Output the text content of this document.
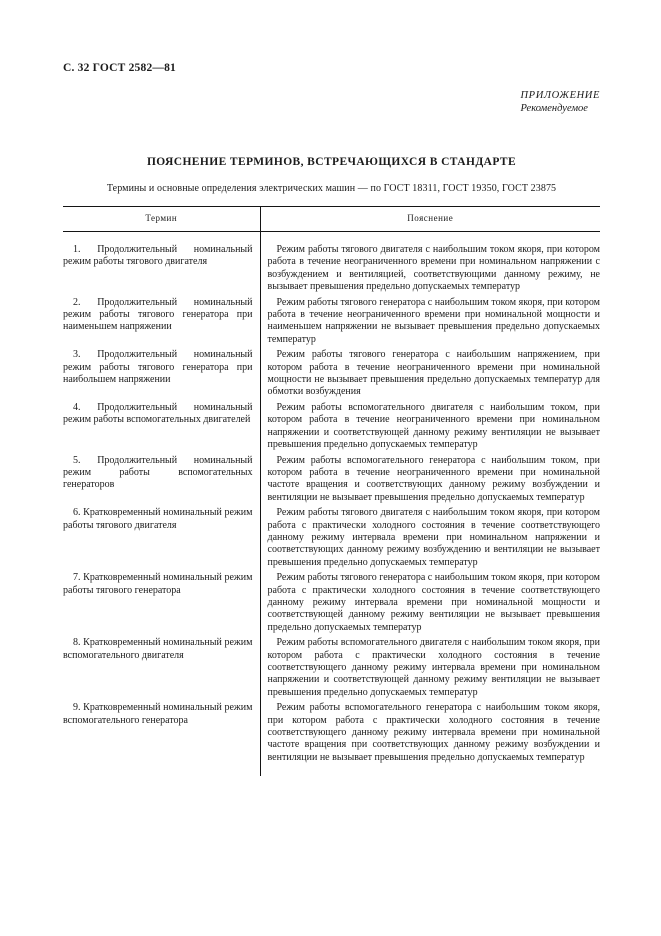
С. 32 ГОСТ 2582—81
ПРИЛОЖЕНИЕ
Рекомендуемое
ПОЯСНЕНИЕ ТЕРМИНОВ, ВСТРЕЧАЮЩИХСЯ В СТАНДАРТЕ
Термины и основные определения электрических машин — по ГОСТ 18311, ГОСТ 19350, ГОСТ 23875
Термин	Пояснение
1. Продолжительный номинальный режим работы тягового двигателя	Режим работы тягового двигателя с наибольшим током якоря, при котором работа в течение неограниченного времени при номинальном напряжении с возбуждением и вентиляцией, соответствующими данному режиму, не вызывает превышения предельно допускаемых температур
2. Продолжительный номинальный режим работы тягового генератора при наименьшем напряжении	Режим работы тягового генератора с наибольшим током якоря, при котором работа в течение неограниченного времени при номинальной мощности и наименьшем напряжении не вызывает превышения предельно допускаемых температур
3. Продолжительный номинальный режим работы тягового генератора при наибольшем напряжении	Режим работы тягового генератора с наибольшим напряжением, при котором работа в течение неограниченного времени при номинальной мощности не вызывает превышения предельно допускаемых температур для обмотки возбуждения
4. Продолжительный номинальный режим работы вспомогательных двигателей	Режим работы вспомогательного двигателя с наибольшим током, при котором работа в течение неограниченного времени при номинальном напряжении и соответствующей данному режиму вентиляции не вызывает превышения предельно допускаемых температур
5. Продолжительный номинальный режим работы вспомогательных генераторов	Режим работы вспомогательного генератора с наибольшим током, при котором работа в течение неограниченного времени при номинальной частоте вращения и соответствующих данному режиму возбуждении и вентиляции не вызывает превышения предельно допускаемых температур
6. Кратковременный номинальный режим работы тягового двигателя	Режим работы тягового двигателя с наибольшим током якоря, при котором работа с практически холодного состояния в течение соответствующего данному режиму интервала времени при номинальном напряжении и соответствующих данному режиму возбуждению и вентиляции не вызывает превышения предельно допускаемых температур
7. Кратковременный номинальный режим работы тягового генератора	Режим работы тягового генератора с наибольшим током якоря, при котором работа с практически холодного состояния в течение соответствующего данному режиму интервала времени при номинальной мощности и соответствующей данному режиму вентиляции не вызывает превышения предельно допускаемых температур
8. Кратковременный номинальный режим вспомогательного двигателя	Режим работы вспомогательного двигателя с наибольшим током якоря, при котором работа с практически холодного состояния в течение соответствующего данному режиму интервала времени при номинальном напряжении и соответствующей данному режиму вентиляции не вызывает превышения предельно допускаемых температур
9. Кратковременный номинальный режим вспомогательного генератора	Режим работы вспомогательного генератора с наибольшим током якоря, при котором работа с практически холодного состояния в течение соответствующего данному режиму интервала времени при номинальной частоте вращения при соответствующих данному режиму возбуждении и вентиляции не вызывает превышения предельно допускаемых температур
